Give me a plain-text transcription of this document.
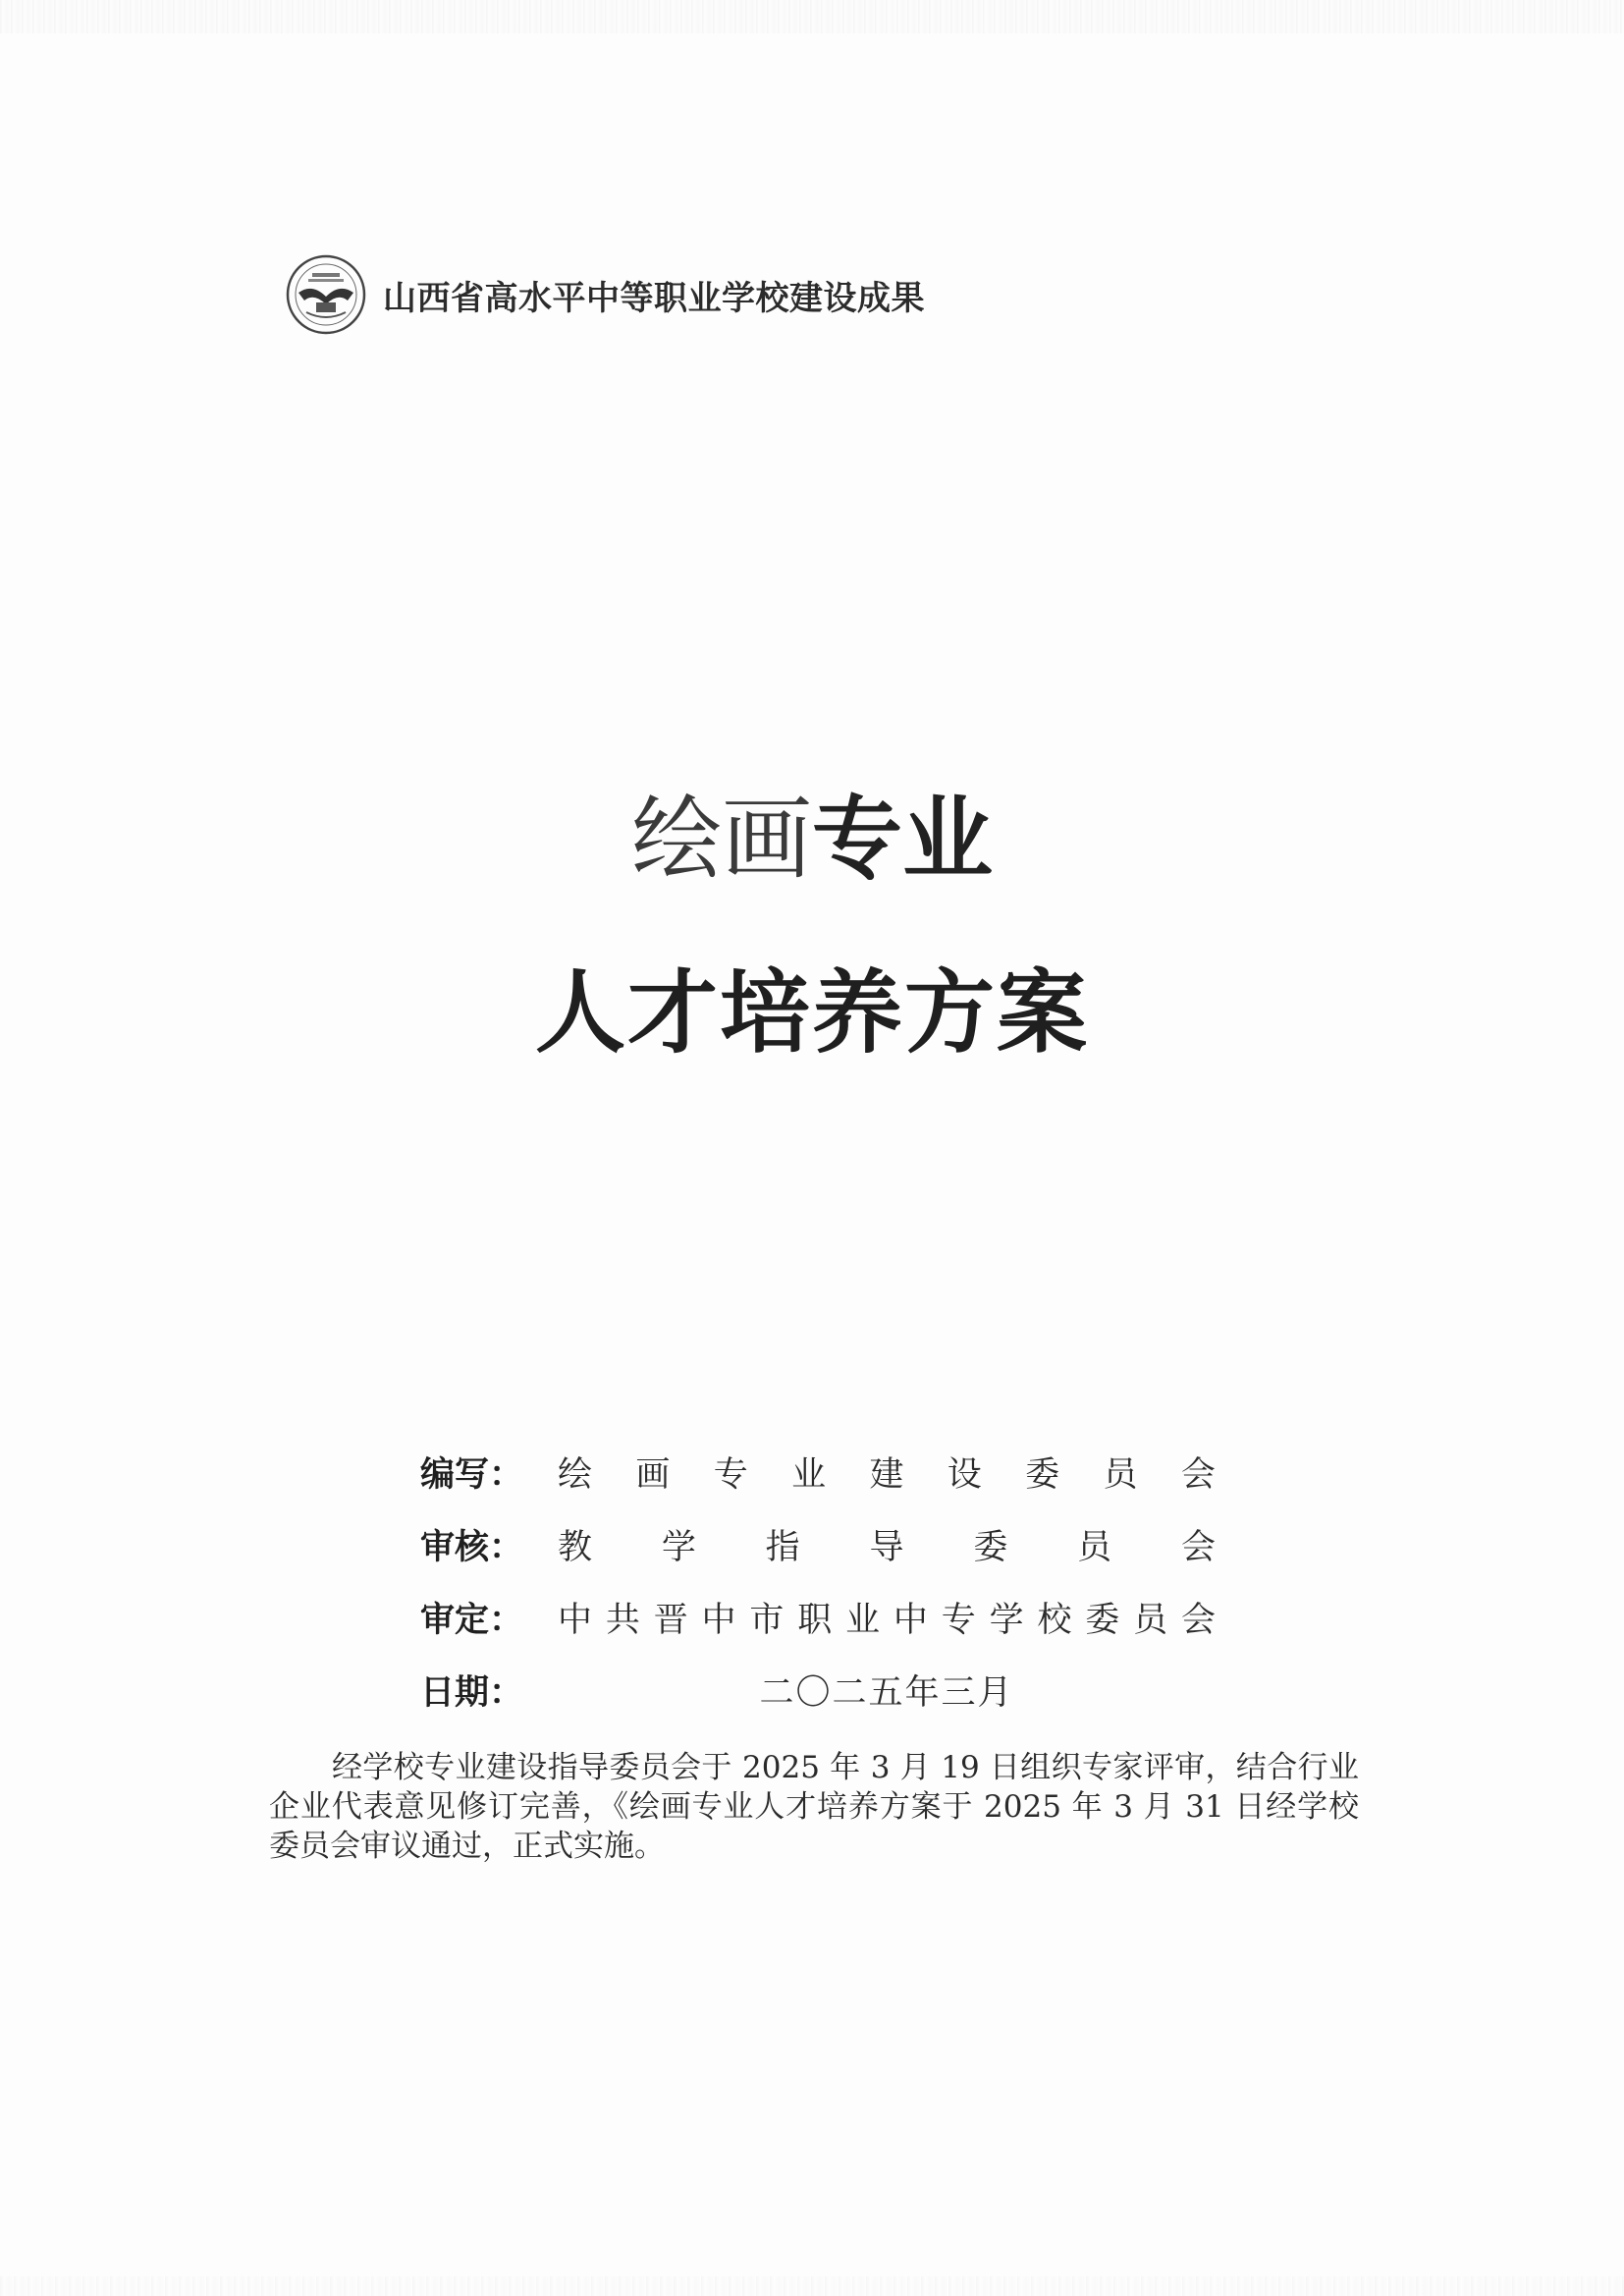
山西省高水平中等职业学校建设成果
绘画专业
人才培养方案
编写： 绘 画 专 业 建 设 委 员 会
审核： 教 学 指 导 委 员 会
审定： 中 共 晋 中 市 职 业 中 专 学 校 委 员 会
日期：	二〇二五年三月
经学校专业建设指导委员会于 2025 年 3 月 19 日组织专家评审，结合行业企业代表意见修订完善，《绘画专业人才培养方案于 2025 年 3 月 31 日经学校委员会审议通过，正式实施。
